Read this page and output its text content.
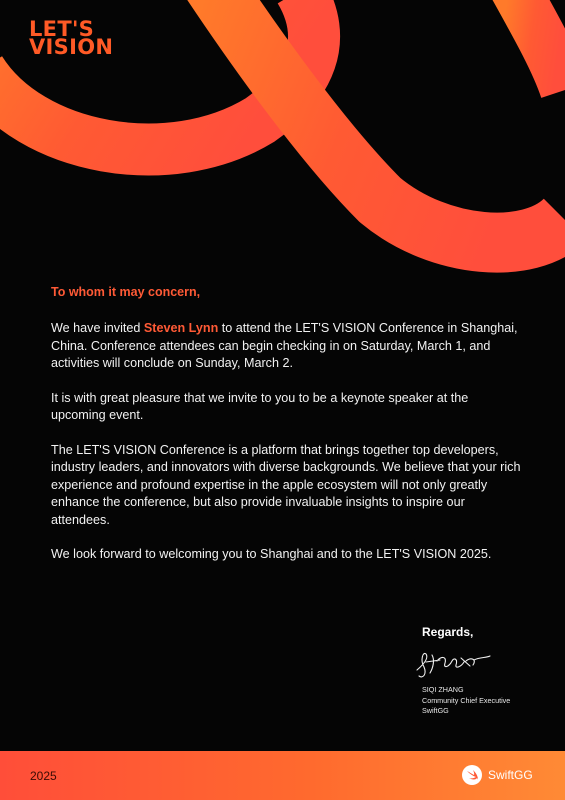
LET'S
VISION

To whom it may concern,

We have invited Steven Lynn to attend the LET'S VISION Conference in Shanghai, China. Conference attendees can begin checking in on Saturday, March 1, and activities will conclude on Sunday, March 2.

It is with great pleasure that we invite to you to be a keynote speaker at the upcoming event.

The LET'S VISION Conference is a platform that brings together top developers, industry leaders, and innovators with diverse backgrounds. We believe that your rich experience and profound expertise in the apple ecosystem will not only greatly enhance the conference, but also provide invaluable insights to inspire our attendees.

We look forward to welcoming you to Shanghai and to the LET'S VISION 2025.

Regards,

SIQI ZHANG
Community Chief Executive
SwiftGG
2025	SwiftGG
